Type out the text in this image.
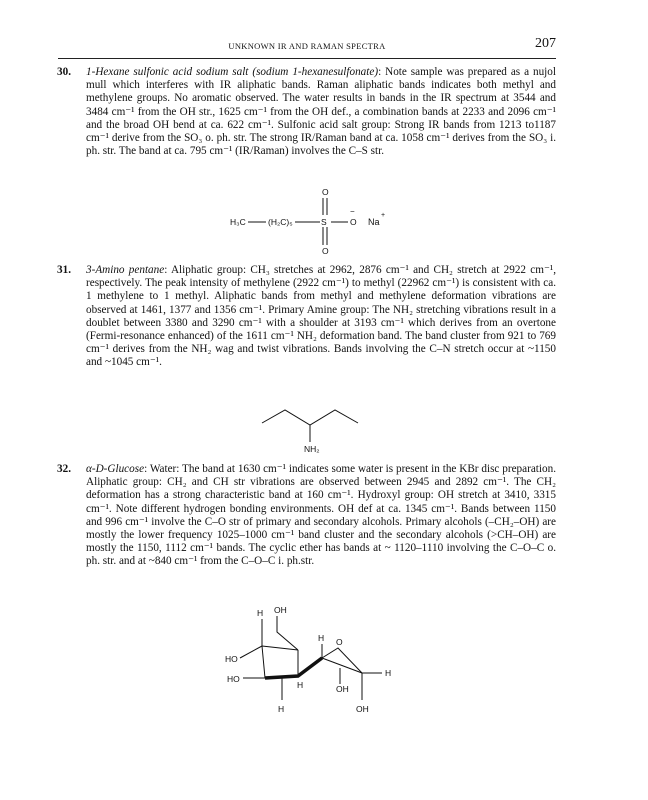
UNKNOWN IR AND RAMAN SPECTRA	207

30. 1-Hexane sulfonic acid sodium salt (sodium 1-hexanesulfonate): Note sample was prepared as a nujol mull which interferes with IR aliphatic bands. Raman aliphatic bands indicates both methyl and methylene groups. No aromatic observed. The water results in bands in the IR spectrum at 3544 and 3484 cm⁻¹ from the OH str., 1625 cm⁻¹ from the OH def., a combination bands at 2233 and 2096 cm⁻¹ and the broad OH bend at ca. 622 cm⁻¹. Sulfonic acid salt group: Strong IR bands from 1213 to1187 cm⁻¹ derive from the SO₃ o. ph. str. The strong IR/Raman band at ca. 1058 cm⁻¹ derives from the SO₃ i. ph. str. The band at ca. 795 cm⁻¹ (IR/Raman) involves the C–S str.

H₃C	(H₂C)₅	S
O
O
O
−
Na
+

31. 3-Amino pentane: Aliphatic group: CH₃ stretches at 2962, 2876 cm⁻¹ and CH₂ stretch at 2922 cm⁻¹, respectively. The peak intensity of methylene (2922 cm⁻¹) to methyl (22962 cm⁻¹) is consistent with ca. 1 methylene to 1 methyl. Aliphatic bands from methyl and methylene deformation vibrations are observed at 1461, 1377 and 1356 cm⁻¹. Primary Amine group: The NH₂ stretching vibrations result in a doublet between 3380 and 3290 cm⁻¹ with a shoulder at 3193 cm⁻¹ which derives from an overtone (Fermi-resonance enhanced) of the 1611 cm⁻¹ NH₂ deformation band. The band cluster from 921 to 769 cm⁻¹ derives from the NH₂ wag and twist vibrations. Bands involving the C–N stretch occur at ~1150 and ~1045 cm⁻¹.

NH₂

32. α-D-Glucose: Water: The band at 1630 cm⁻¹ indicates some water is present in the KBr disc preparation. Aliphatic group: CH₂ and CH str vibrations are observed between 2945 and 2892 cm⁻¹. The CH₂ deformation has a strong characteristic band at 160 cm⁻¹. Hydroxyl group: OH stretch at 3410, 3315 cm⁻¹. Note different hydrogen bonding environments. OH def at ca. 1345 cm⁻¹. Bands between 1150 and 996 cm⁻¹ involve the C–O str of primary and secondary alcohols. Primary alcohols (–CH₂–OH) are mostly the lower frequency 1025–1000 cm⁻¹ band cluster and the secondary alcohols (>CH–OH) are mostly the 1150, 1112 cm⁻¹ bands. The cyclic ether has bands at ~ 1120–1110 involving the C–O–C o. ph. str. and at ~840 cm⁻¹ from the C–O–C i. ph.str.

H OH
H O
HO
HO
H
H	OH
H	OH
